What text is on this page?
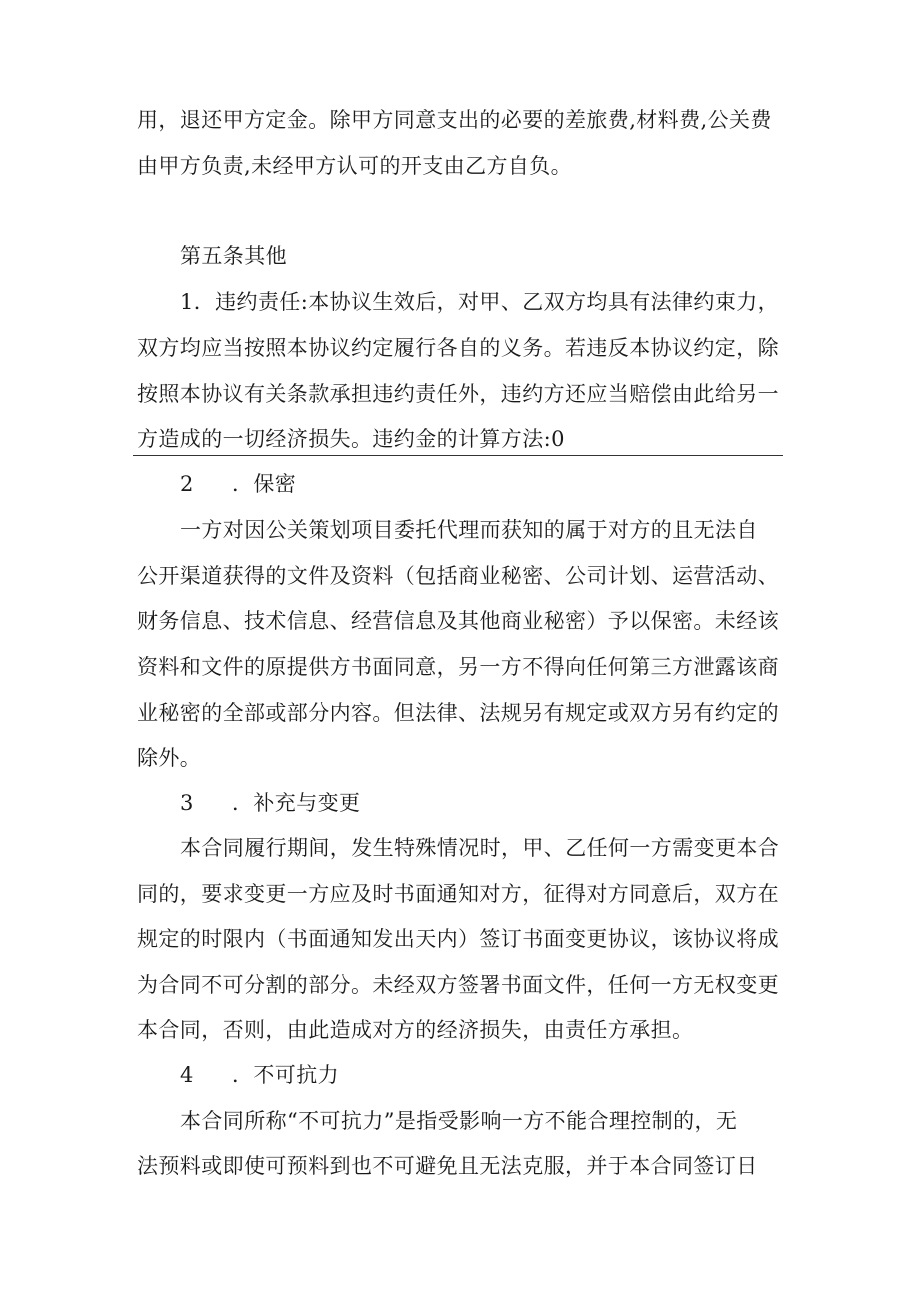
用，退还甲方定金。除甲方同意支出的必要的差旅费,材料费,公关费
由甲方负责,未经甲方认可的开支由乙方自负。
第五条其他
1．违约责任:本协议生效后，对甲、乙双方均具有法律约束力，
双方均应当按照本协议约定履行各自的义务。若违反本协议约定，除
按照本协议有关条款承担违约责任外，违约方还应当赔偿由此给另一
方造成的一切经济损失。违约金的计算方法:0
2 ．保密
一方对因公关策划项目委托代理而获知的属于对方的且无法自
公开渠道获得的文件及资料（包括商业秘密、公司计划、运营活动、
财务信息、技术信息、经营信息及其他商业秘密）予以保密。未经该
资料和文件的原提供方书面同意，另一方不得向任何第三方泄露该商
业秘密的全部或部分内容。但法律、法规另有规定或双方另有约定的
除外。
3 ．补充与变更
本合同履行期间，发生特殊情况时，甲、乙任何一方需变更本合
同的，要求变更一方应及时书面通知对方，征得对方同意后，双方在
规定的时限内（书面通知发出天内）签订书面变更协议，该协议将成
为合同不可分割的部分。未经双方签署书面文件，任何一方无权变更
本合同，否则，由此造成对方的经济损失，由责任方承担。
4 ．不可抗力
本合同所称“不可抗力”是指受影响一方不能合理控制的，无
法预料或即使可预料到也不可避免且无法克服，并于本合同签订日
